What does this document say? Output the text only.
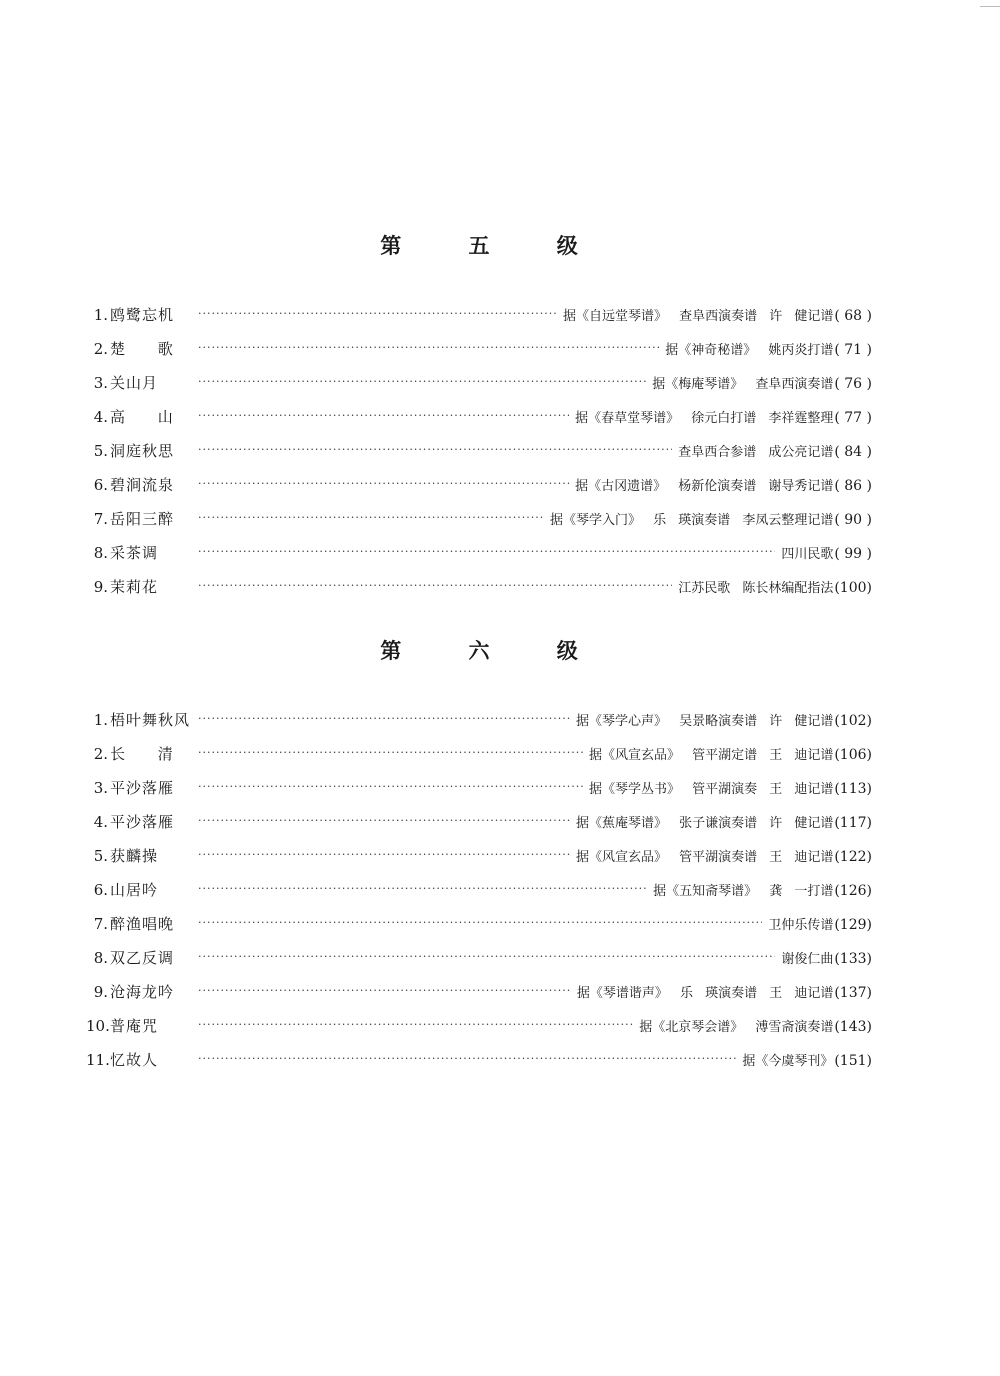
第 五 级
1. 鸥鹭忘机 ·····	据《自远堂琴谱》 查阜西演奏谱 许 健记谱 ( 68 )
2. 楚 歌 ·····	据《神奇秘谱》 姚丙炎打谱 ( 71 )
3. 关山月 ·····	据《梅庵琴谱》 查阜西演奏谱 ( 76 )
4. 高 山 ·····	据《春草堂琴谱》 徐元白打谱 李祥霆整理 ( 77 )
5. 洞庭秋思 ·····	查阜西合参谱 成公亮记谱 ( 84 )
6. 碧涧流泉 ·····	据《古冈遗谱》 杨新伦演奏谱 谢导秀记谱 ( 86 )
7. 岳阳三醉 ·····	据《琴学入门》 乐 瑛演奏谱 李凤云整理记谱 ( 90 )
8. 采茶调 ·····	四川民歌 ( 99 )
9. 茉莉花 ·····	江苏民歌 陈长林编配指法 (100)
第 六 级
1. 梧叶舞秋风 ·····	据《琴学心声》 吴景略演奏谱 许 健记谱 (102)
2. 长 清 ·····	据《风宣玄品》 管平湖定谱 王 迪记谱 (106)
3. 平沙落雁 ·····	据《琴学丛书》 管平湖演奏 王 迪记谱 (113)
4. 平沙落雁 ·····	据《蕉庵琴谱》 张子谦演奏谱 许 健记谱 (117)
5. 获麟操 ·····	据《风宣玄品》 管平湖演奏谱 王 迪记谱 (122)
6. 山居吟 ·····	据《五知斋琴谱》 龚 一打谱 (126)
7. 醉渔唱晚 ·····	卫仲乐传谱 (129)
8. 双乙反调 ·····	谢俊仁曲 (133)
9. 沧海龙吟 ·····	据《琴谱谐声》 乐 瑛演奏谱 王 迪记谱 (137)
10. 普庵咒 ·····	据《北京琴会谱》 溥雪斋演奏谱 (143)
11. 忆故人 ·····	据《今虞琴刊》 (151)
